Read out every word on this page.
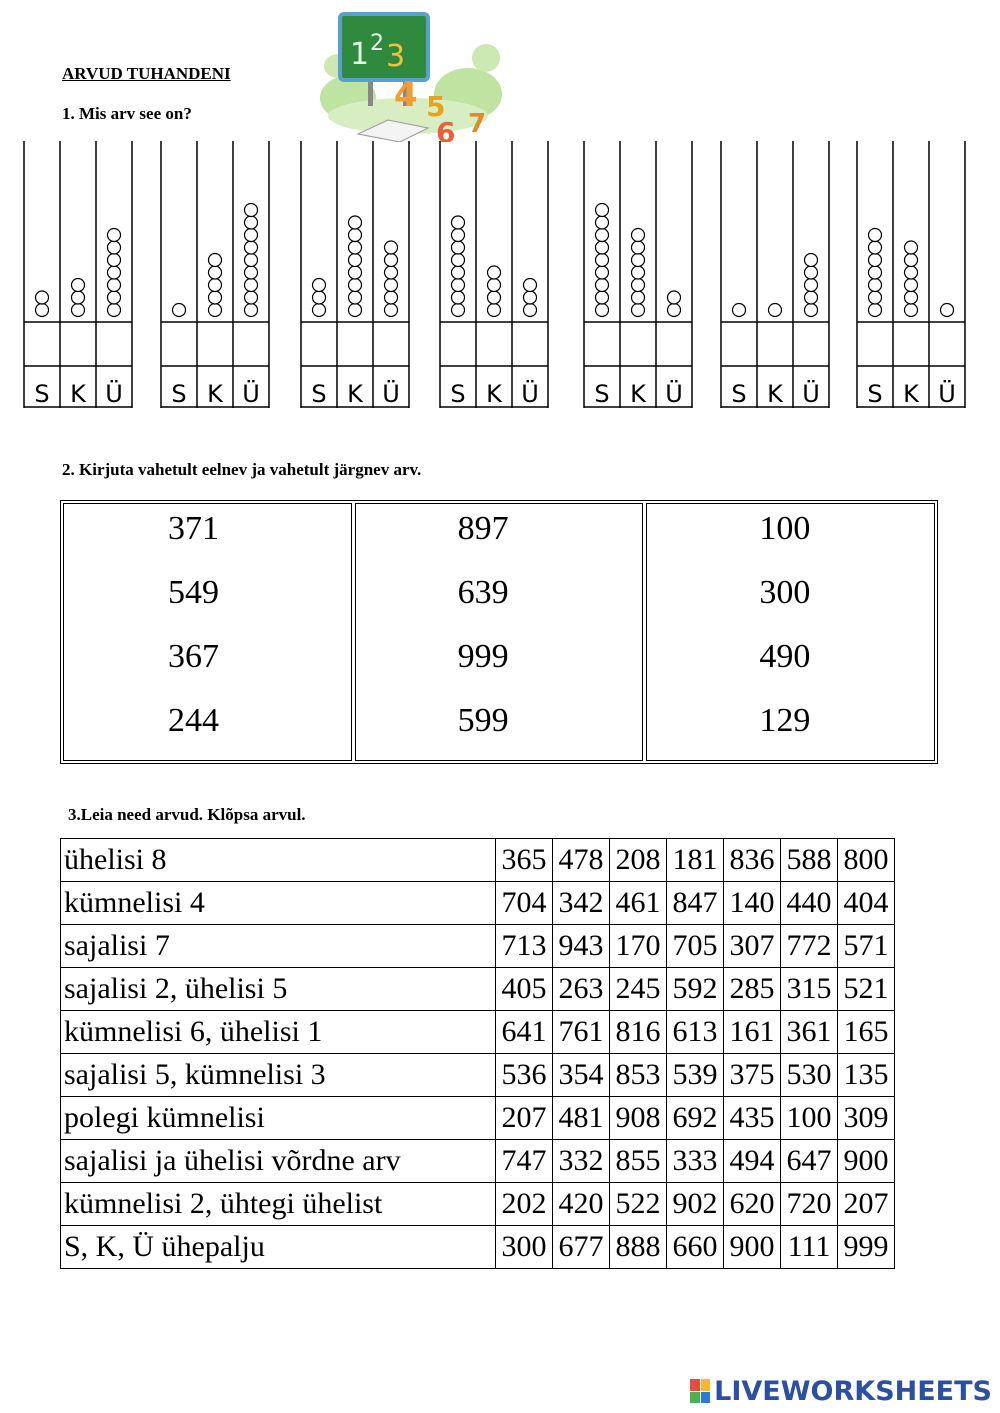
ARVUD TUHANDENI
1 2 3
4 5
6 7
1. Mis arv see on?
S K Ü S K Ü S K Ü S K Ü S K Ü S K Ü S K Ü
2. Kirjuta vahetult eelnev ja vahetult järgnev arv.
371
549
367
244
897
639
999
599
100
300
490
129
3.Leia need arvud. Klõpsa arvul.
ühelisi 8	365	478	208	181	836	588	800
kümnelisi 4	704	342	461	847	140	440	404
sajalisi 7	713	943	170	705	307	772	571
sajalisi 2, ühelisi 5	405	263	245	592	285	315	521
kümnelisi 6, ühelisi 1	641	761	816	613	161	361	165
sajalisi 5, kümnelisi 3	536	354	853	539	375	530	135
polegi kümnelisi	207	481	908	692	435	100	309
sajalisi ja ühelisi võrdne arv	747	332	855	333	494	647	900
kümnelisi 2, ühtegi ühelist	202	420	522	902	620	720	207
S, K, Ü ühepalju	300	677	888	660	900	111	999
LIVEWORKSHEETS
